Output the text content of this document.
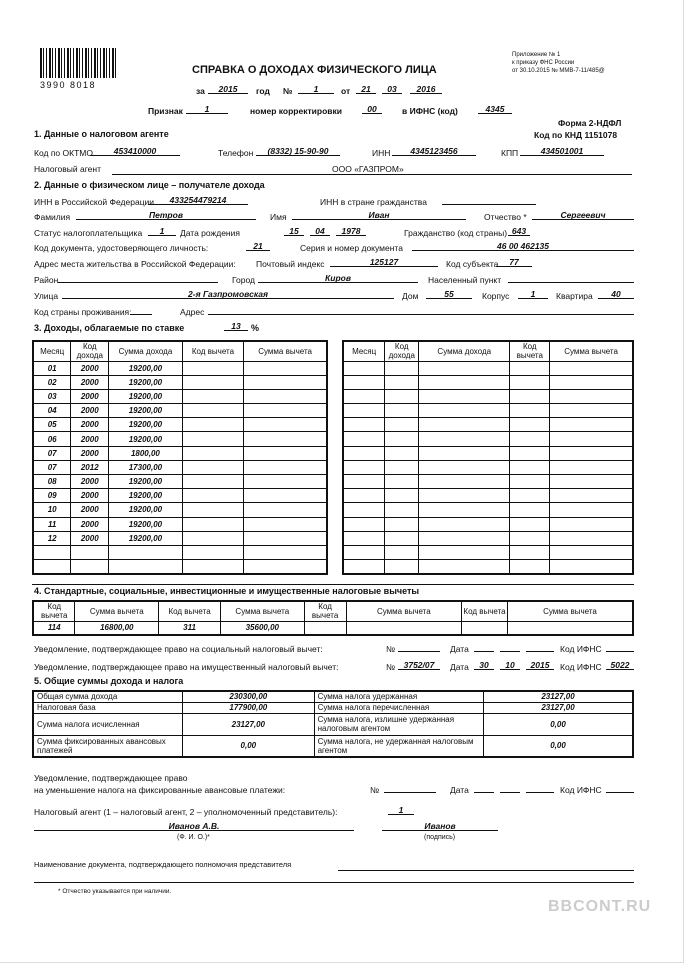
3990 8018
Приложение № 1
к приказу ФНС России
от 30.10.2015 № ММВ-7-11/485@
СПРАВКА О ДОХОДАХ ФИЗИЧЕСКОГО ЛИЦА
за	2015	год №	1	от	21	03	2016
Признак	1	номер корректировки	00	в ИФНС (код)	4345
Форма 2-НДФЛ
Код по КНД 1151078
1. Данные о налоговом агенте
Код по ОКТМО	453410000	Телефон	(8332) 15-90-90	ИНН	4345123456	КПП	434501001
Налоговый агент	ООО «ГАЗПРОМ»
2. Данные о физическом лице – получателе дохода
ИНН в Российской Федерации	433254479214	ИНН в стране гражданства
Фамилия	Петров	Имя	Иван	Отчество *	Сергеевич
Статус налогоплательщика	1	Дата рождения	15	04	1978	Гражданство (код страны) 643
Код документа, удостоверяющего личность:	21	Серия и номер документа	46 00 462135
Адрес места жительства в Российской Федерации: Почтовый индекс	125127	Код субъекта	77
Район	Город	Киров	Населенный пункт
Улица	2-я Газпромовская	Дом	55	Корпус	1	Квартира	40
Код страны проживания:	Адрес
3. Доходы, облагаемые по ставке	13	%
Месяц	Код дохода	Сумма дохода	Код вычета	Сумма вычета
01	2000	19200,00		
02	2000	19200,00		
03	2000	19200,00		
04	2000	19200,00		
05	2000	19200,00		
06	2000	19200,00		
07	2000	1800,00		
07	2012	17300,00		
08	2000	19200,00		
09	2000	19200,00		
10	2000	19200,00		
11	2000	19200,00		
12	2000	19200,00		

Месяц	Код дохода	Сумма дохода	Код вычета	Сумма вычета

4. Стандартные, социальные, инвестиционные и имущественные налоговые вычеты
Код вычета	Сумма вычета	Код вычета	Сумма вычета	Код вычета	Сумма вычета	Код вычета	Сумма вычета
114	16800,00	311	35600,00				
Уведомление, подтверждающее право на социальный налоговый вычет:	№	Дата	Код ИФНС
Уведомление, подтверждающее право на имущественный налоговый вычет:	№	3752/07	Дата	30	10	2015	Код ИФНС	5022
5. Общие суммы дохода и налога
Общая сумма дохода	230300,00	Сумма налога удержанная	23127,00
Налоговая база	177900,00	Сумма налога перечисленная	23127,00
Сумма налога исчисленная	23127,00	Сумма налога, излишне удержанная налоговым агентом	0,00
Сумма фиксированных авансовых платежей	0,00	Сумма налога, не удержанная налоговым агентом	0,00
Уведомление, подтверждающее право
на уменьшение налога на фиксированные авансовые платежи:	№	Дата	Код ИФНС
Налоговый агент (1 – налоговый агент, 2 – уполномоченный представитель):	1
Иванов А.В.
(Ф. И. О.)*
Иванов
(подпись)
Наименование документа, подтверждающего полномочия представителя
* Отчество указывается при наличии.
BBCONT.RU
